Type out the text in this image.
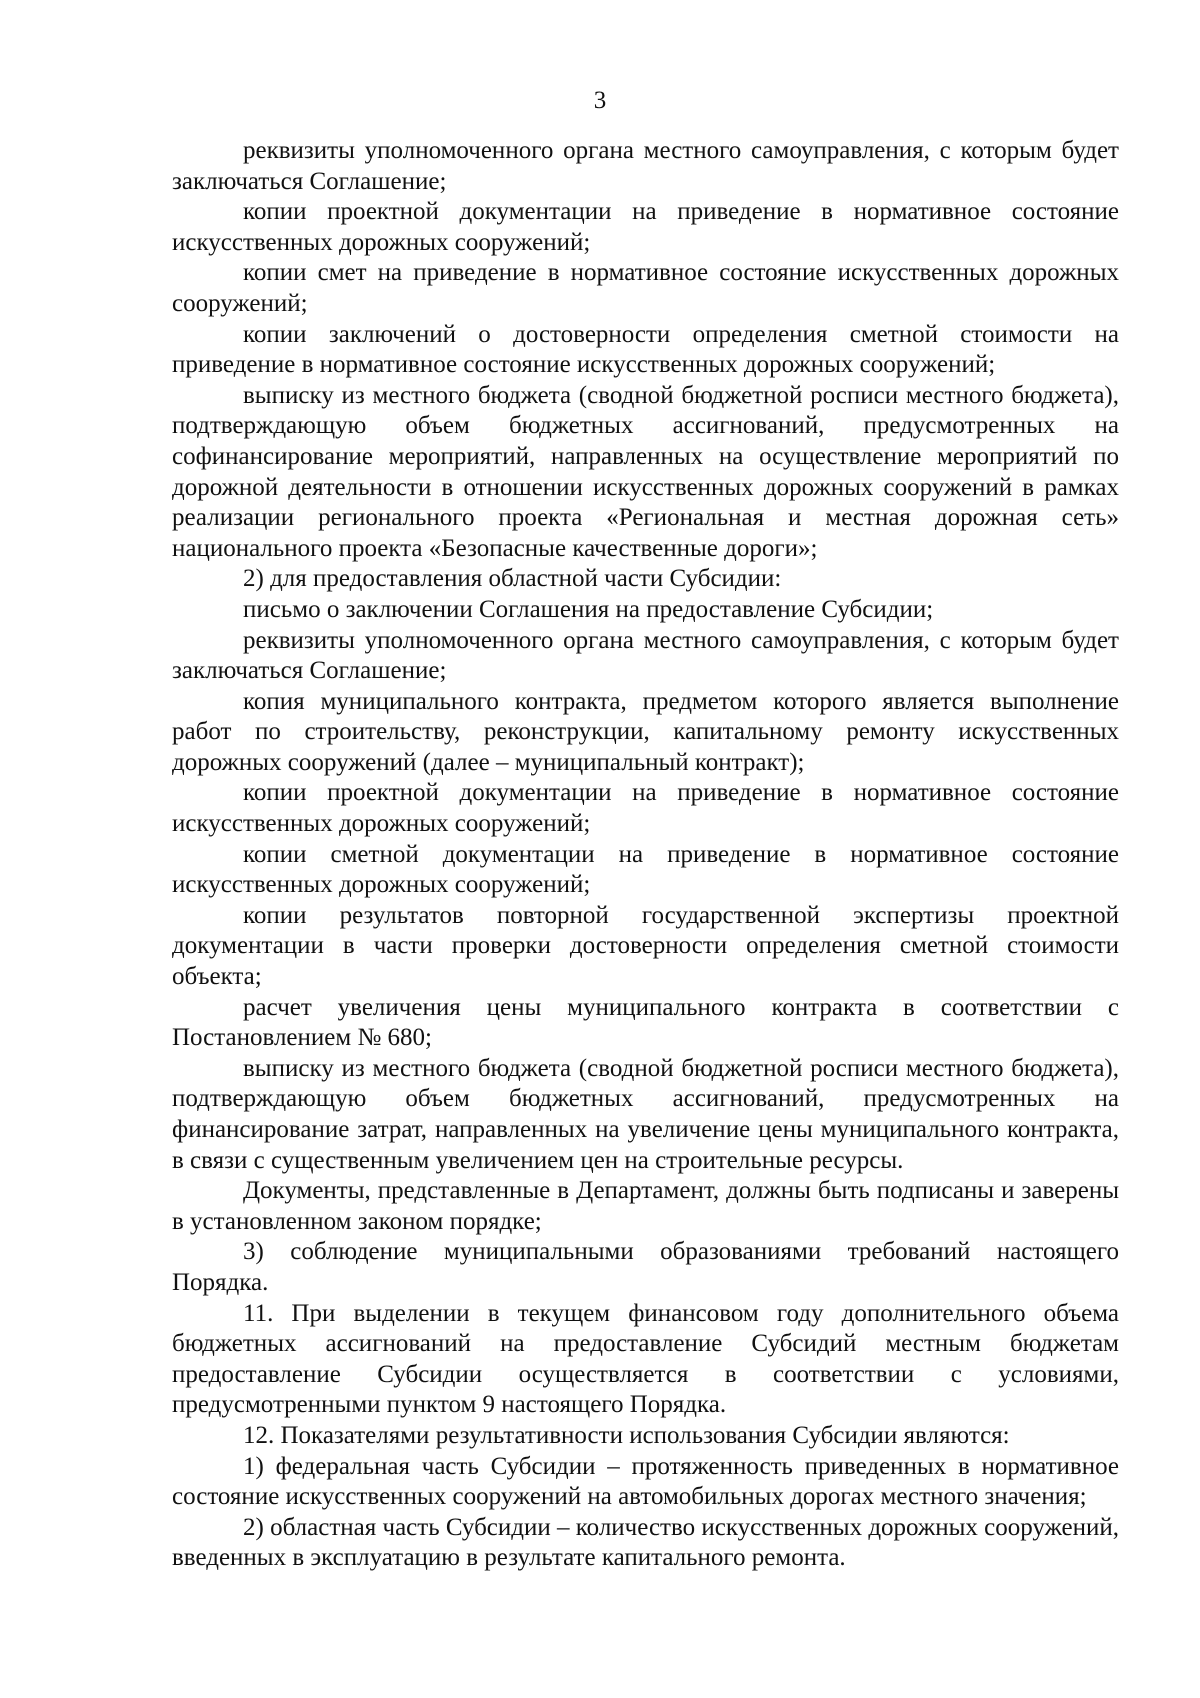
3

реквизиты уполномоченного органа местного самоуправления, с которым будет заключаться Соглашение;

копии проектной документации на приведение в нормативное состояние искусственных дорожных сооружений;

копии смет на приведение в нормативное состояние искусственных дорожных сооружений;

копии заключений о достоверности определения сметной стоимости на приведение в нормативное состояние искусственных дорожных сооружений;

выписку из местного бюджета (сводной бюджетной росписи местного бюджета), подтверждающую объем бюджетных ассигнований, предусмотренных на софинансирование мероприятий, направленных на осуществление мероприятий по дорожной деятельности в отношении искусственных дорожных сооружений в рамках реализации регионального проекта «Региональная и местная дорожная сеть» национального проекта «Безопасные качественные дороги»;

2) для предоставления областной части Субсидии:

письмо о заключении Соглашения на предоставление Субсидии;

реквизиты уполномоченного органа местного самоуправления, с которым будет заключаться Соглашение;

копия муниципального контракта, предметом которого является выполнение работ по строительству, реконструкции, капитальному ремонту искусственных дорожных сооружений (далее – муниципальный контракт);

копии проектной документации на приведение в нормативное состояние искусственных дорожных сооружений;

копии сметной документации на приведение в нормативное состояние искусственных дорожных сооружений;

копии результатов повторной государственной экспертизы проектной документации в части проверки достоверности определения сметной стоимости объекта;

расчет увеличения цены муниципального контракта в соответствии с Постановлением № 680;

выписку из местного бюджета (сводной бюджетной росписи местного бюджета), подтверждающую объем бюджетных ассигнований, предусмотренных на финансирование затрат, направленных на увеличение цены муниципального контракта, в связи с существенным увеличением цен на строительные ресурсы.

Документы, представленные в Департамент, должны быть подписаны и заверены в установленном законом порядке;

3) соблюдение муниципальными образованиями требований настоящего Порядка.

11. При выделении в текущем финансовом году дополнительного объема бюджетных ассигнований на предоставление Субсидий местным бюджетам предоставление Субсидии осуществляется в соответствии с условиями, предусмотренными пунктом 9 настоящего Порядка.

12. Показателями результативности использования Субсидии являются:

1) федеральная часть Субсидии – протяженность приведенных в нормативное состояние искусственных сооружений на автомобильных дорогах местного значения;

2) областная часть Субсидии – количество искусственных дорожных сооружений, введенных в эксплуатацию в результате капитального ремонта.
